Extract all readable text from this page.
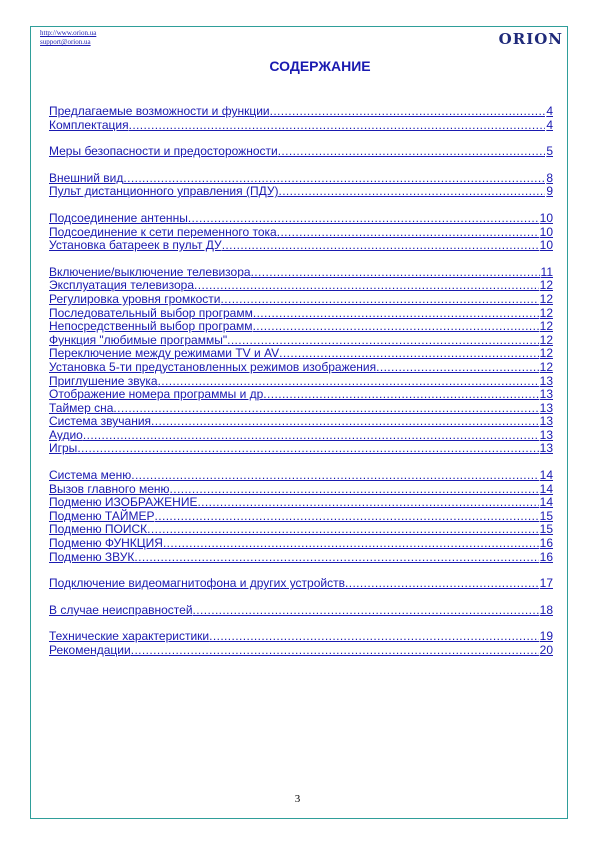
http://www.orion.ua
support@orion.ua	ORION
СОДЕРЖАНИЕ
Предлагаемые возможности и функции .....	4
Комплектация .....	4
Меры безопасности и предосторожности .....	5
Внешний вид .....	8
Пульт дистанционного управления (ПДУ) .....	9
Подсоединение антенны .....	10
Подсоединение к сети переменного тока .....	10
Установка батареек в пульт ДУ .....	10
Включение/выключение телевизора .....	11
Эксплуатация телевизора .....	12
Регулировка уровня громкости .....	12
Последовательный выбор программ .....	12
Непосредственный выбор программ .....	12
Функция "любимые программы" .....	12
Переключение между режимами TV и AV .....	12
Установка 5-ти предустановленных режимов изображения .....	12
Приглушение звука .....	13
Отображение номера программы и др .....	13
Таймер сна .....	13
Система звучания .....	13
Аудио .....	13
Игры .....	13
Система меню .....	14
Вызов главного меню .....	14
Подменю ИЗОБРАЖЕНИЕ .....	14
Подменю ТАЙМЕР .....	15
Подменю ПОИСК .....	15
Подменю ФУНКЦИЯ .....	16
Подменю ЗВУК .....	16
Подключение видеомагнитофона и других устройств .....	17
В случае неисправностей .....	18
Технические характеристики .....	19
Рекомендации .....	20
3
